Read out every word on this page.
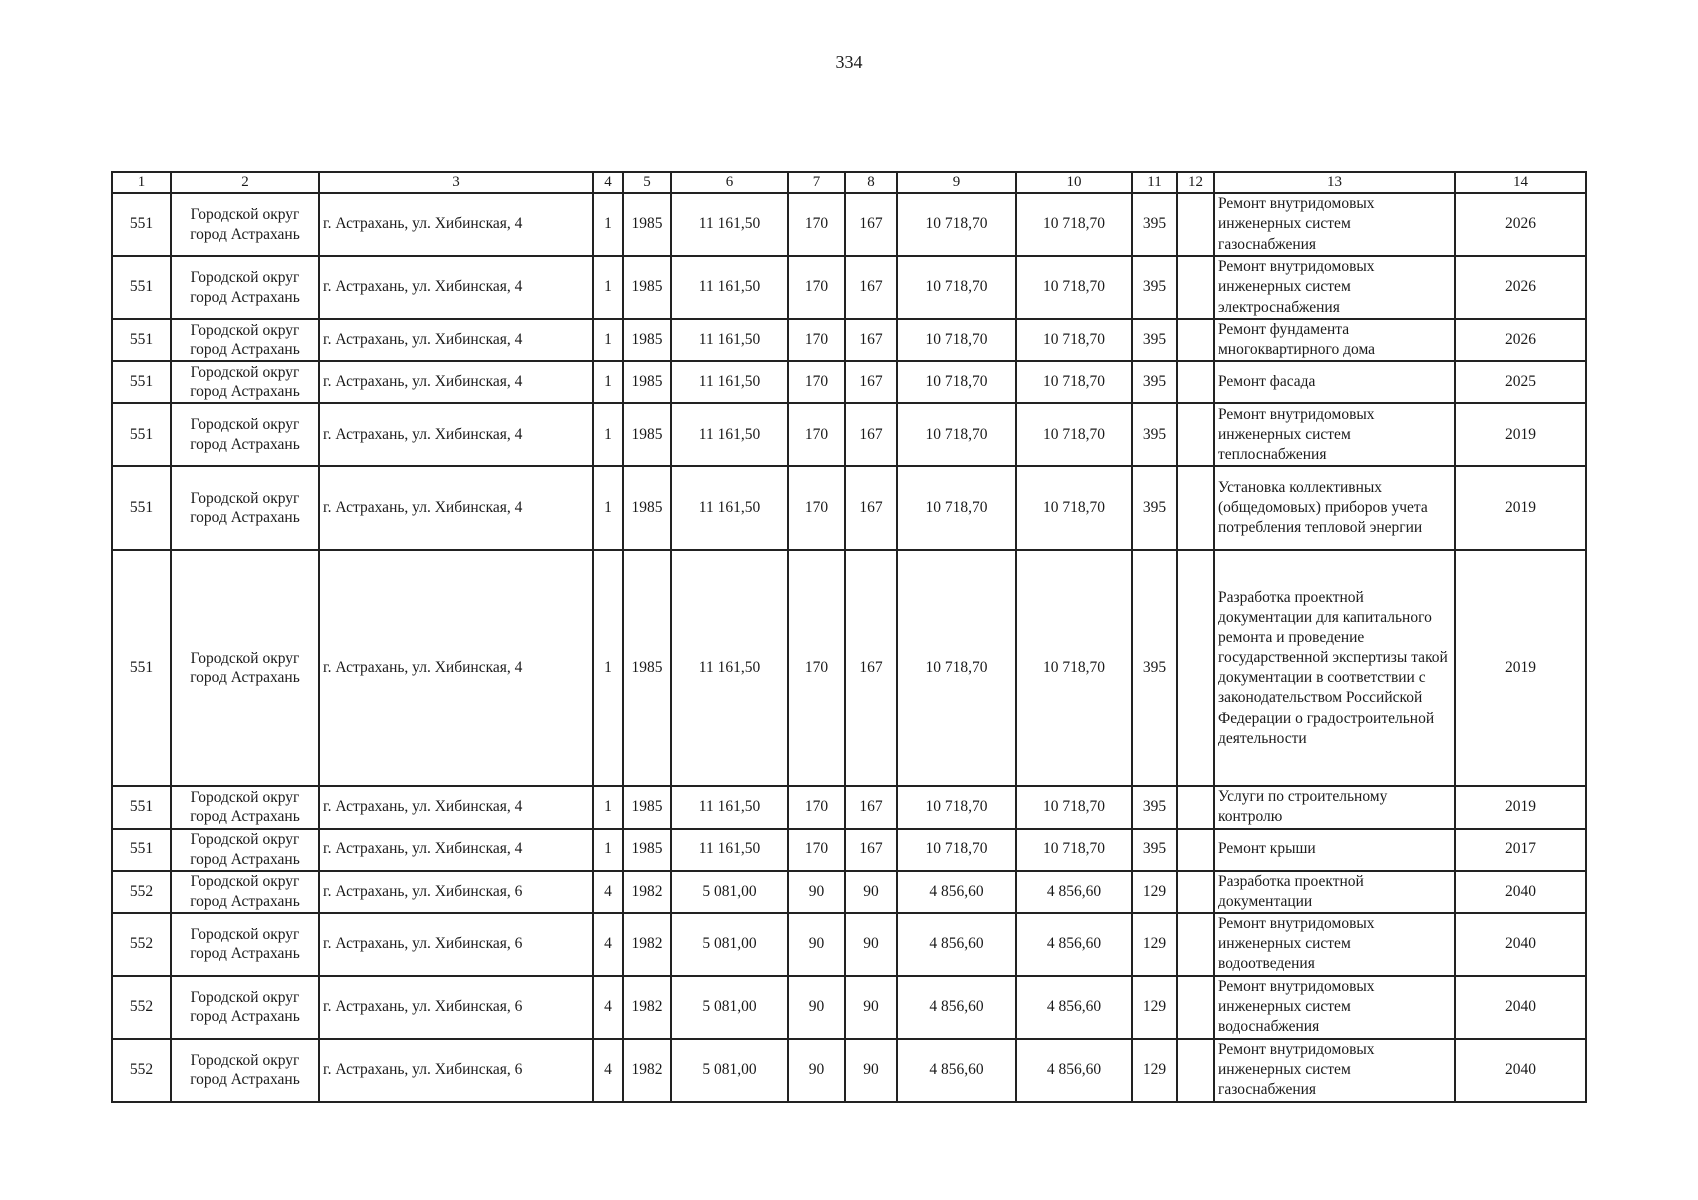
334
1	2	3	4	5	6	7	8	9	10	11	12	13	14
551	Городской округ город Астрахань	г. Астрахань, ул. Хибинская, 4	1	1985	11 161,50	170	167	10 718,70	10 718,70	395		Ремонт внутридомовых инженерных систем газоснабжения	2026
551	Городской округ город Астрахань	г. Астрахань, ул. Хибинская, 4	1	1985	11 161,50	170	167	10 718,70	10 718,70	395		Ремонт внутридомовых инженерных систем электроснабжения	2026
551	Городской округ город Астрахань	г. Астрахань, ул. Хибинская, 4	1	1985	11 161,50	170	167	10 718,70	10 718,70	395		Ремонт фундамента многоквартирного дома	2026
551	Городской округ город Астрахань	г. Астрахань, ул. Хибинская, 4	1	1985	11 161,50	170	167	10 718,70	10 718,70	395		Ремонт фасада	2025
551	Городской округ город Астрахань	г. Астрахань, ул. Хибинская, 4	1	1985	11 161,50	170	167	10 718,70	10 718,70	395		Ремонт внутридомовых инженерных систем теплоснабжения	2019
551	Городской округ город Астрахань	г. Астрахань, ул. Хибинская, 4	1	1985	11 161,50	170	167	10 718,70	10 718,70	395		Установка коллективных (общедомовых) приборов учета потребления тепловой энергии	2019
551	Городской округ город Астрахань	г. Астрахань, ул. Хибинская, 4	1	1985	11 161,50	170	167	10 718,70	10 718,70	395		Разработка проектной документации для капитального ремонта и проведение государственной экспертизы такой документации в соответствии с законодательством Российской Федерации о градостроительной деятельности	2019
551	Городской округ город Астрахань	г. Астрахань, ул. Хибинская, 4	1	1985	11 161,50	170	167	10 718,70	10 718,70	395		Услуги по строительному контролю	2019
551	Городской округ город Астрахань	г. Астрахань, ул. Хибинская, 4	1	1985	11 161,50	170	167	10 718,70	10 718,70	395		Ремонт крыши	2017
552	Городской округ город Астрахань	г. Астрахань, ул. Хибинская, 6	4	1982	5 081,00	90	90	4 856,60	4 856,60	129		Разработка проектной документации	2040
552	Городской округ город Астрахань	г. Астрахань, ул. Хибинская, 6	4	1982	5 081,00	90	90	4 856,60	4 856,60	129		Ремонт внутридомовых инженерных систем водоотведения	2040
552	Городской округ город Астрахань	г. Астрахань, ул. Хибинская, 6	4	1982	5 081,00	90	90	4 856,60	4 856,60	129		Ремонт внутридомовых инженерных систем водоснабжения	2040
552	Городской округ город Астрахань	г. Астрахань, ул. Хибинская, 6	4	1982	5 081,00	90	90	4 856,60	4 856,60	129		Ремонт внутридомовых инженерных систем газоснабжения	2040
